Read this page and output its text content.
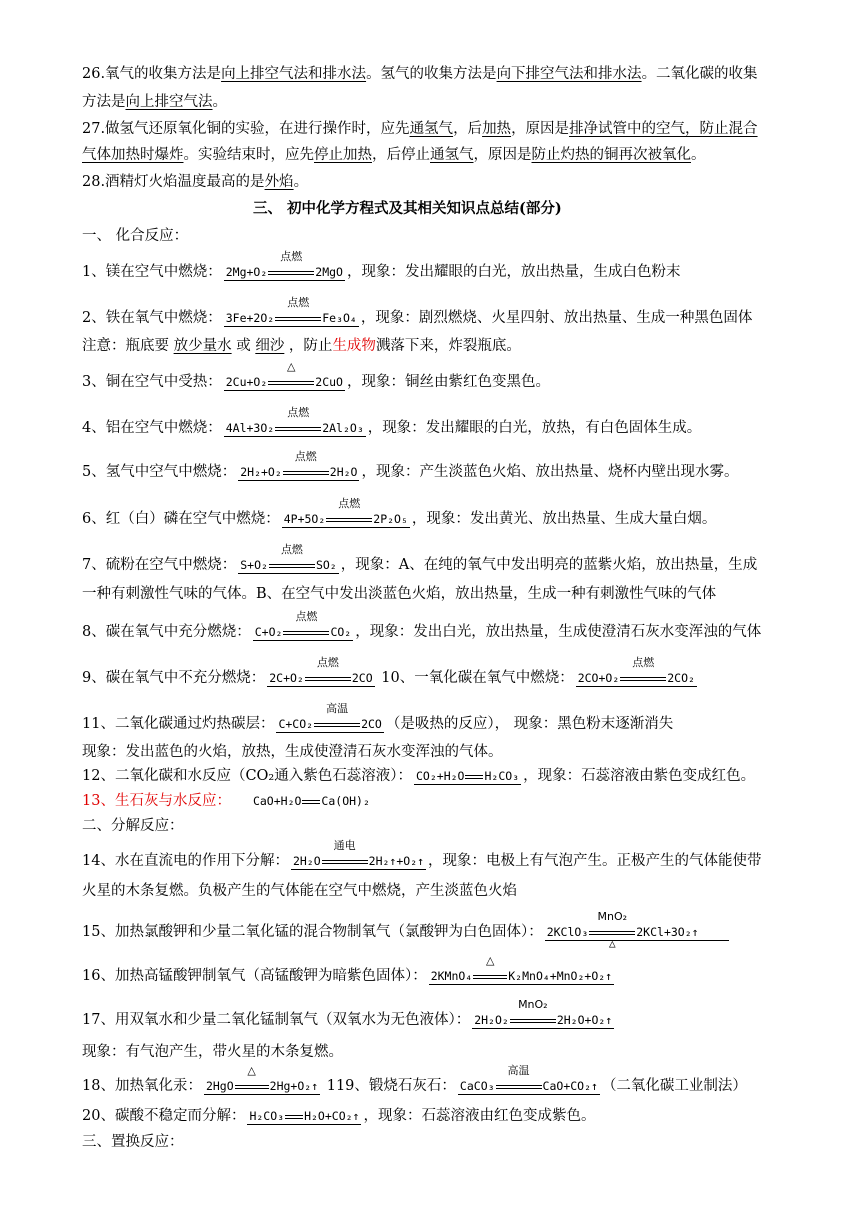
26.氧气的收集方法是向上排空气法和排水法。氢气的收集方法是向下排空气法和排水法。二氧化碳的收集
方法是向上排空气法。
27.做氢气还原氧化铜的实验，在进行操作时，应先通氢气，后加热，原因是排净试管中的空气，防止混合
气体加热时爆炸。实验结束时，应先停止加热，后停止通氢气，原因是防止灼热的铜再次被氧化。
28.酒精灯火焰温度最高的是外焰。
三、 初中化学方程式及其相关知识点总结(部分)
一、 化合反应：
1、镁在空气中燃烧： 2Mg+O₂
点燃
2MgO ，现象：发出耀眼的白光，放出热量，生成白色粉末
2、铁在氧气中燃烧： 3Fe+2O₂
点燃
Fe₃O₄ ，现象：剧烈燃烧、火星四射、放出热量、生成一种黑色固体
注意：瓶底要 放少量水 或 细沙 ，防止生成物溅落下来，炸裂瓶底。
3、铜在空气中受热： 2Cu+O₂
△
2CuO ，现象：铜丝由紫红色变黑色。
4、铝在空气中燃烧： 4Al+3O₂
点燃
2Al₂O₃ ，现象：发出耀眼的白光，放热，有白色固体生成。
5、氢气中空气中燃烧： 2H₂+O₂
点燃
2H₂O ，现象：产生淡蓝色火焰、放出热量、烧杯内壁出现水雾。
6、红（白）磷在空气中燃烧： 4P+5O₂
点燃
2P₂O₅ ，现象：发出黄光、放出热量、生成大量白烟。
7、硫粉在空气中燃烧： S+O₂
点燃
SO₂ ，现象：A、在纯的氧气中发出明亮的蓝紫火焰，放出热量，生成
一种有刺激性气味的气体。B、在空气中发出淡蓝色火焰，放出热量，生成一种有刺激性气味的气体
8、碳在氧气中充分燃烧： C+O₂
点燃
CO₂ ，现象：发出白光，放出热量，生成使澄清石灰水变浑浊的气体
9、碳在氧气中不充分燃烧： 2C+O₂
点燃
2CO 10、一氧化碳在氧气中燃烧： 2CO+O₂
点燃
2CO₂
11、二氧化碳通过灼热碳层： C+CO₂
高温
2CO （是吸热的反应）， 现象：黑色粉末逐渐消失
现象：发出蓝色的火焰，放热，生成使澄清石灰水变浑浊的气体。
12、二氧化碳和水反应（CO₂通入紫色石蕊溶液）： CO₂+H₂O H₂CO₃ ，现象：石蕊溶液由紫色变成红色。
13、生石灰与水反应： CaO+H₂O Ca(OH)₂
二、分解反应：
14、水在直流电的作用下分解： 2H₂O
通电
2H₂↑+O₂↑ ，现象：电极上有气泡产生。正极产生的气体能使带
火星的木条复燃。负极产生的气体能在空气中燃烧，产生淡蓝色火焰
15、加热氯酸钾和少量二氧化锰的混合物制氧气（氯酸钾为白色固体）： 2KClO₃
MnO₂
△
2KCl+3O₂↑
16、加热高锰酸钾制氧气（高锰酸钾为暗紫色固体）： 2KMnO₄
△
K₂MnO₄+MnO₂+O₂↑
17、用双氧水和少量二氧化锰制氧气（双氧水为无色液体）： 2H₂O₂
MnO₂
2H₂O+O₂↑
现象：有气泡产生，带火星的木条复燃。
18、加热氧化汞： 2HgO
△
2Hg+O₂↑ 119、锻烧石灰石： CaCO₃
高温
CaO+CO₂↑ （二氧化碳工业制法）
20、碳酸不稳定而分解： H₂CO₃ H₂O+CO₂↑ ，现象：石蕊溶液由红色变成紫色。
三、置换反应：
